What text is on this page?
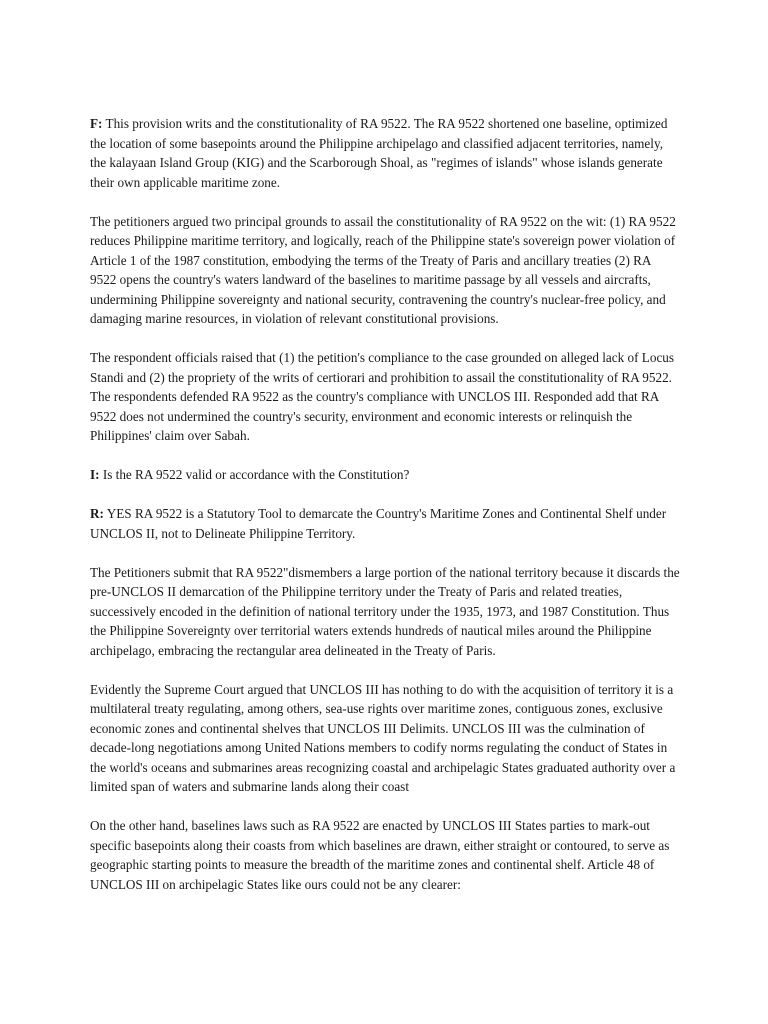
F: This provision writs and the constitutionality of RA 9522. The RA 9522 shortened one baseline, optimized the location of some basepoints around the Philippine archipelago and classified adjacent territories, namely, the kalayaan Island Group (KIG) and the Scarborough Shoal, as "regimes of islands" whose islands generate their own applicable maritime zone.

The petitioners argued two principal grounds to assail the constitutionality of RA 9522 on the wit: (1) RA 9522 reduces Philippine maritime territory, and logically, reach of the Philippine state's sovereign power violation of Article 1 of the 1987 constitution, embodying the terms of the Treaty of Paris and ancillary treaties (2) RA 9522 opens the country's waters landward of the baselines to maritime passage by all vessels and aircrafts, undermining Philippine sovereignty and national security, contravening the country's nuclear-free policy, and damaging marine resources, in violation of relevant constitutional provisions.

The respondent officials raised that (1) the petition's compliance to the case grounded on alleged lack of Locus Standi and (2) the propriety of the writs of certiorari and prohibition to assail the constitutionality of RA 9522. The respondents defended RA 9522 as the country's compliance with UNCLOS III. Responded add that RA 9522 does not undermined the country's security, environment and economic interests or relinquish the Philippines' claim over Sabah.

I: Is the RA 9522 valid or accordance with the Constitution?

R: YES RA 9522 is a Statutory Tool to demarcate the Country's Maritime Zones and Continental Shelf under UNCLOS II, not to Delineate Philippine Territory.

The Petitioners submit that RA 9522"dismembers a large portion of the national territory because it discards the pre-UNCLOS II demarcation of the Philippine territory under the Treaty of Paris and related treaties, successively encoded in the definition of national territory under the 1935, 1973, and 1987 Constitution. Thus the Philippine Sovereignty over territorial waters extends hundreds of nautical miles around the Philippine archipelago, embracing the rectangular area delineated in the Treaty of Paris.

Evidently the Supreme Court argued that UNCLOS III has nothing to do with the acquisition of territory it is a multilateral treaty regulating, among others, sea-use rights over maritime zones, contiguous zones, exclusive economic zones and continental shelves that UNCLOS III Delimits. UNCLOS III was the culmination of decade-long negotiations among United Nations members to codify norms regulating the conduct of States in the world's oceans and submarines areas recognizing coastal and archipelagic States graduated authority over a limited span of waters and submarine lands along their coast

On the other hand, baselines laws such as RA 9522 are enacted by UNCLOS III States parties to mark-out specific basepoints along their coasts from which baselines are drawn, either straight or contoured, to serve as geographic starting points to measure the breadth of the maritime zones and continental shelf. Article 48 of UNCLOS III on archipelagic States like ours could not be any clearer:
